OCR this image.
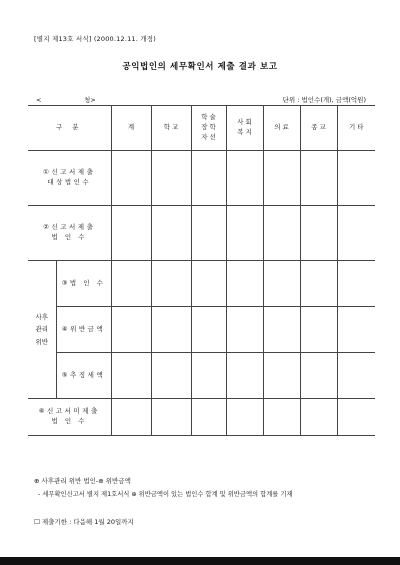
[별지 제13호 서식] (2000.12.11. 개정)
공익법인의 세무확인서 제출 결과 보고
<	청>	단위 : 법인수(개), 금액(억원)
구 분		계	학 교	학 술
장 학
자 선	사 회
복 지	의 료	종 교	기 타
①신고서제출
대상법인수								
②신고서제출
법 인 수								
사후
관리
위반	③법 인 수							
	④위반금액							
	⑤추징세액							
⑥신고서미제출
법 인 수								
⊕ 사후관리 위반 법인-⊕ 위반금액
- 세무확인신고서 별지 제1호서식 ⊕ 위반금액이 있는 법인수 합계 및 위반금액의 합계를 기재
☐ 제출기한 : 다음해 1월 20일까지
